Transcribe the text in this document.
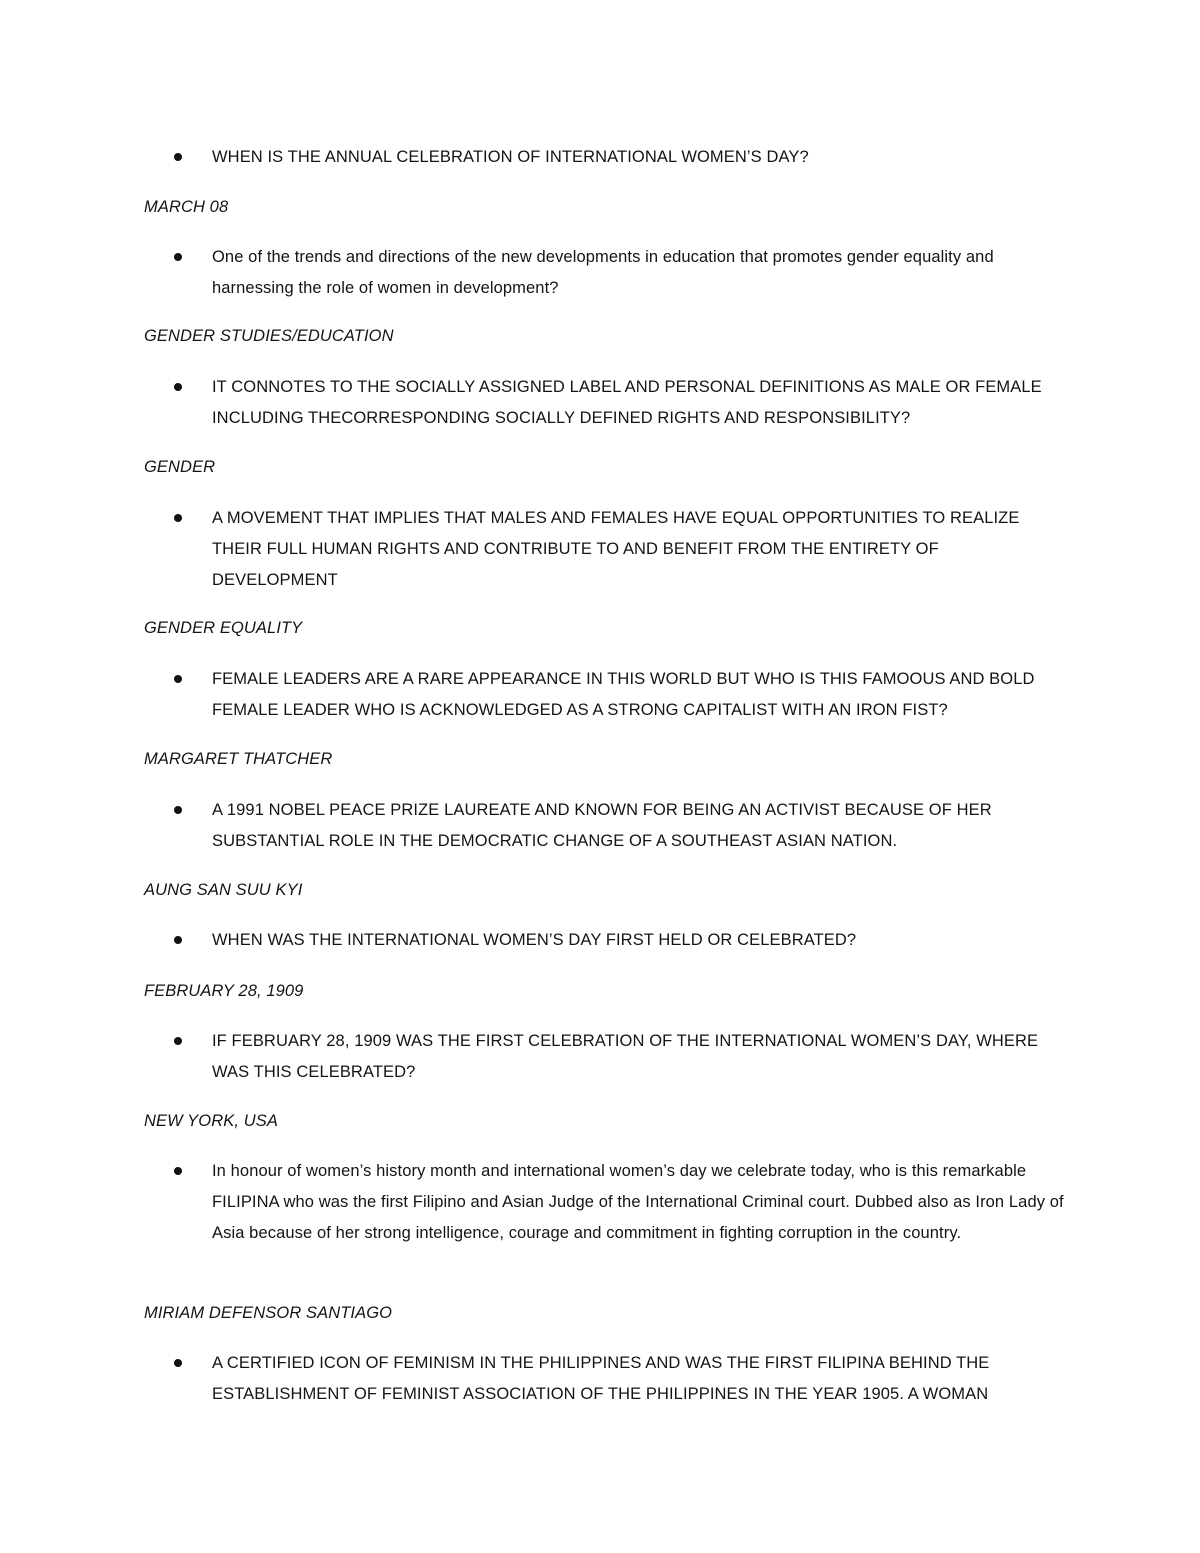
WHEN IS THE ANNUAL CELEBRATION OF INTERNATIONAL WOMEN’S DAY?
MARCH 08
One of the trends and directions of the new developments in education that promotes gender equality and harnessing the role of women in development?
GENDER STUDIES/EDUCATION
IT CONNOTES TO THE SOCIALLY ASSIGNED LABEL AND PERSONAL DEFINITIONS AS MALE OR FEMALE INCLUDING THECORRESPONDING SOCIALLY DEFINED RIGHTS AND RESPONSIBILITY?
GENDER
A MOVEMENT THAT IMPLIES THAT MALES AND FEMALES HAVE EQUAL OPPORTUNITIES TO REALIZE THEIR FULL HUMAN RIGHTS AND CONTRIBUTE TO AND BENEFIT FROM THE ENTIRETY OF DEVELOPMENT
GENDER EQUALITY
FEMALE LEADERS ARE A RARE APPEARANCE IN THIS WORLD BUT WHO IS THIS FAMOOUS AND BOLD FEMALE LEADER WHO IS ACKNOWLEDGED AS A STRONG CAPITALIST WITH AN IRON FIST?
MARGARET THATCHER
A 1991 NOBEL PEACE PRIZE LAUREATE AND KNOWN FOR BEING AN ACTIVIST BECAUSE OF HER SUBSTANTIAL ROLE IN THE DEMOCRATIC CHANGE OF A SOUTHEAST ASIAN NATION.
AUNG SAN SUU KYI
WHEN WAS THE INTERNATIONAL WOMEN’S DAY FIRST HELD OR CELEBRATED?
FEBRUARY 28, 1909
IF FEBRUARY 28, 1909 WAS THE FIRST CELEBRATION OF THE INTERNATIONAL WOMEN’S DAY, WHERE WAS THIS CELEBRATED?
NEW YORK, USA
In honour of women’s history month and international women’s day we celebrate today, who is this remarkable FILIPINA who was the first Filipino and Asian Judge of the International Criminal court. Dubbed also as Iron Lady of Asia because of her strong intelligence, courage and commitment in fighting corruption in the country.
MIRIAM DEFENSOR SANTIAGO
A CERTIFIED ICON OF FEMINISM IN THE PHILIPPINES AND WAS THE FIRST FILIPINA BEHIND THE ESTABLISHMENT OF FEMINIST ASSOCIATION OF THE PHILIPPINES IN THE YEAR 1905. A WOMAN
